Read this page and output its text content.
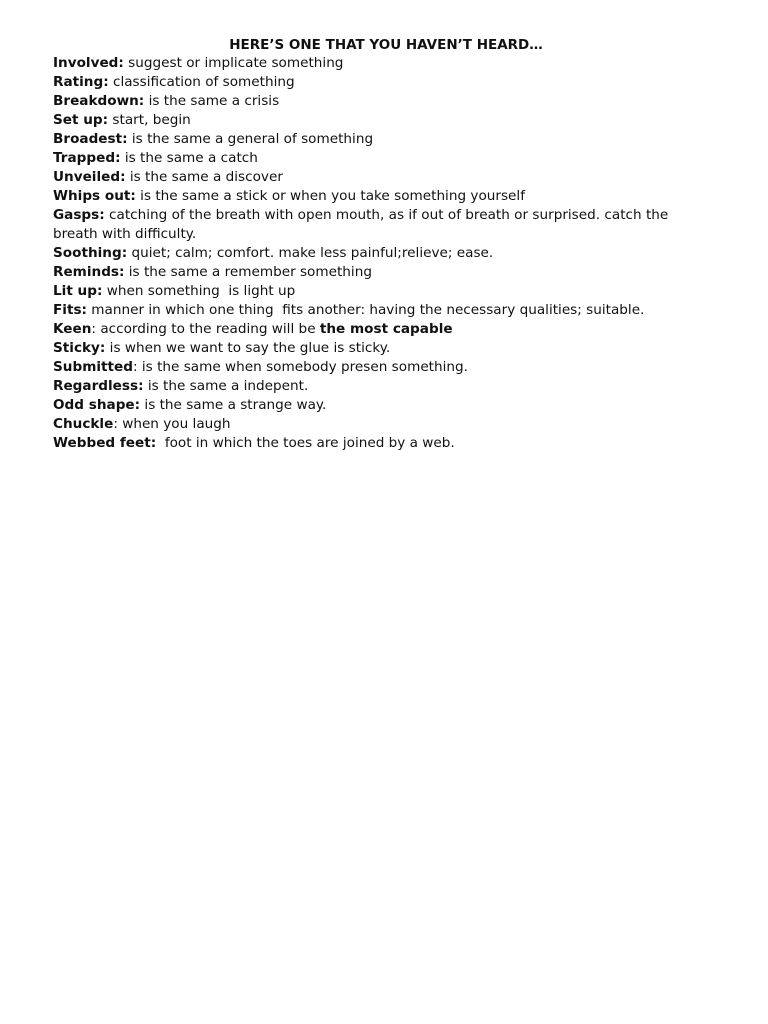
HERE’S ONE THAT YOU HAVEN’T HEARD…
Involved: suggest or implicate something
Rating: classification of something
Breakdown: is the same a crisis
Set up: start, begin
Broadest: is the same a general of something
Trapped: is the same a catch
Unveiled: is the same a discover
Whips out: is the same a stick or when you take something yourself
Gasps: catching of the breath with open mouth, as if out of breath or surprised. catch the breath with difficulty.
Soothing: quiet; calm; comfort. make less painful;relieve; ease.
Reminds: is the same a remember something
Lit up: when something  is light up
Fits: manner in which one thing  fits another: having the necessary qualities; suitable.
Keen: according to the reading will be the most capable
Sticky: is when we want to say the glue is sticky.
Submitted: is the same when somebody presen something.
Regardless: is the same a indepent.
Odd shape: is the same a strange way.
Chuckle: when you laugh
Webbed feet:  foot in which the toes are joined by a web.
